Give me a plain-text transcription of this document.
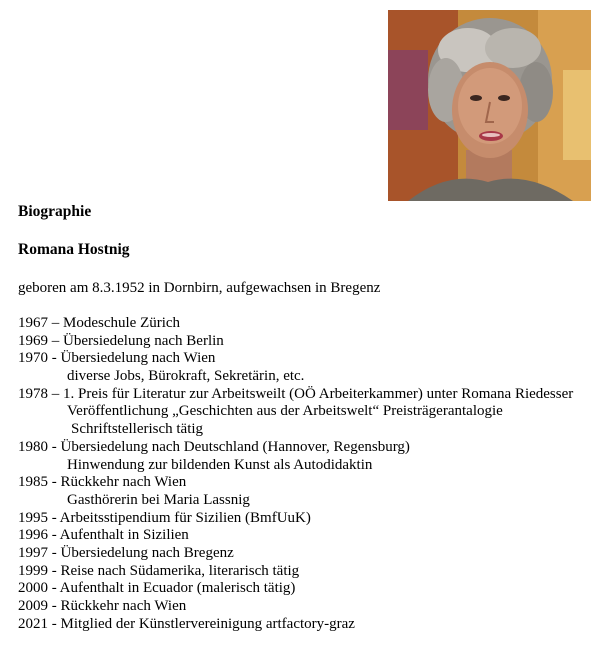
Biographie
Romana Hostnig
geboren am 8.3.1952 in Dornbirn, aufgewachsen in Bregenz
1967 – Modeschule Zürich
1969 – Übersiedelung nach Berlin
1970 - Übersiedelung nach Wien
diverse Jobs, Bürokraft, Sekretärin, etc.
1978 – 1. Preis für Literatur zur Arbeitsweilt (OÖ Arbeiterkammer) unter Romana Riedesser
Veröffentlichung „Geschichten aus der Arbeitswelt“ Preisträgerantalogie
Schriftstellerisch tätig
1980 - Übersiedelung nach Deutschland (Hannover, Regensburg)
Hinwendung zur bildenden Kunst als Autodidaktin
1985 - Rückkehr nach Wien
Gasthörerin bei Maria Lassnig
1995 - Arbeitsstipendium für Sizilien (BmfUuK)
1996 - Aufenthalt in Sizilien
1997 - Übersiedelung nach Bregenz
1999 - Reise nach Südamerika, literarisch tätig
2000 - Aufenthalt in Ecuador (malerisch tätig)
2009 - Rückkehr nach Wien
2021 - Mitglied der Künstlervereinigung artfactory-graz
